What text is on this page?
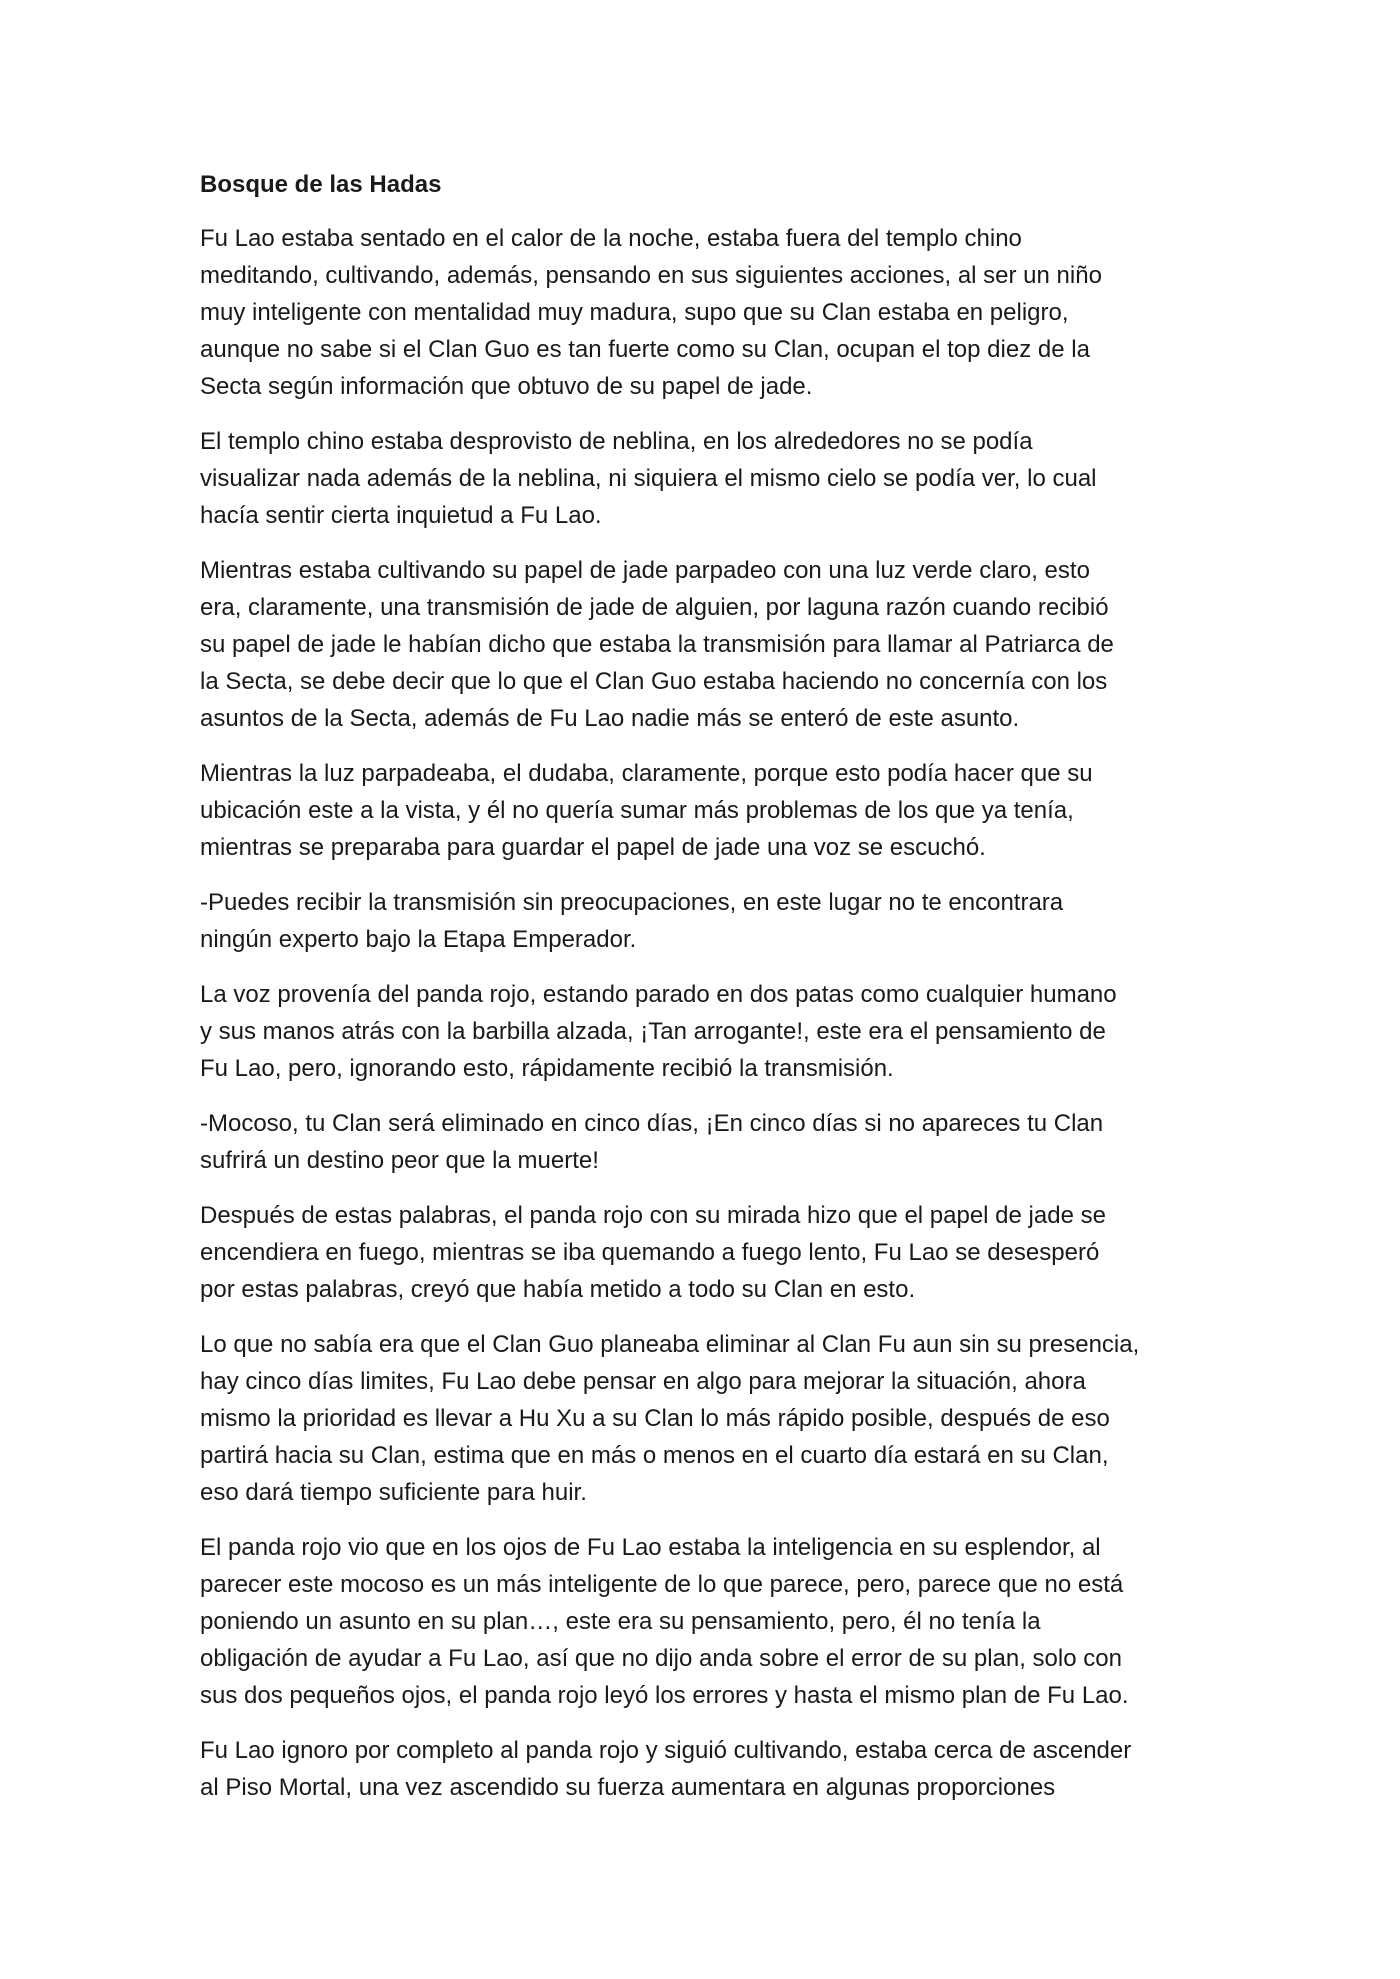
Bosque de las Hadas
Fu Lao estaba sentado en el calor de la noche, estaba fuera del templo chino
meditando, cultivando, además, pensando en sus siguientes acciones, al ser un niño
muy inteligente con mentalidad muy madura, supo que su Clan estaba en peligro,
aunque no sabe si el Clan Guo es tan fuerte como su Clan, ocupan el top diez de la
Secta según información que obtuvo de su papel de jade.
El templo chino estaba desprovisto de neblina, en los alrededores no se podía
visualizar nada además de la neblina, ni siquiera el mismo cielo se podía ver, lo cual
hacía sentir cierta inquietud a Fu Lao.
Mientras estaba cultivando su papel de jade parpadeo con una luz verde claro, esto
era, claramente, una transmisión de jade de alguien, por laguna razón cuando recibió
su papel de jade le habían dicho que estaba la transmisión para llamar al Patriarca de
la Secta, se debe decir que lo que el Clan Guo estaba haciendo no concernía con los
asuntos de la Secta, además de Fu Lao nadie más se enteró de este asunto.
Mientras la luz parpadeaba, el dudaba, claramente, porque esto podía hacer que su
ubicación este a la vista, y él no quería sumar más problemas de los que ya tenía,
mientras se preparaba para guardar el papel de jade una voz se escuchó.
-Puedes recibir la transmisión sin preocupaciones, en este lugar no te encontrara
ningún experto bajo la Etapa Emperador.
La voz provenía del panda rojo, estando parado en dos patas como cualquier humano
y sus manos atrás con la barbilla alzada, ¡Tan arrogante!, este era el pensamiento de
Fu Lao, pero, ignorando esto, rápidamente recibió la transmisión.
-Mocoso, tu Clan será eliminado en cinco días, ¡En cinco días si no apareces tu Clan
sufrirá un destino peor que la muerte!
Después de estas palabras, el panda rojo con su mirada hizo que el papel de jade se
encendiera en fuego, mientras se iba quemando a fuego lento, Fu Lao se desesperó
por estas palabras, creyó que había metido a todo su Clan en esto.
Lo que no sabía era que el Clan Guo planeaba eliminar al Clan Fu aun sin su presencia,
hay cinco días limites, Fu Lao debe pensar en algo para mejorar la situación, ahora
mismo la prioridad es llevar a Hu Xu a su Clan lo más rápido posible, después de eso
partirá hacia su Clan, estima que en más o menos en el cuarto día estará en su Clan,
eso dará tiempo suficiente para huir.
El panda rojo vio que en los ojos de Fu Lao estaba la inteligencia en su esplendor, al
parecer este mocoso es un más inteligente de lo que parece, pero, parece que no está
poniendo un asunto en su plan…, este era su pensamiento, pero, él no tenía la
obligación de ayudar a Fu Lao, así que no dijo anda sobre el error de su plan, solo con
sus dos pequeños ojos, el panda rojo leyó los errores y hasta el mismo plan de Fu Lao.
Fu Lao ignoro por completo al panda rojo y siguió cultivando, estaba cerca de ascender
al Piso Mortal, una vez ascendido su fuerza aumentara en algunas proporciones
